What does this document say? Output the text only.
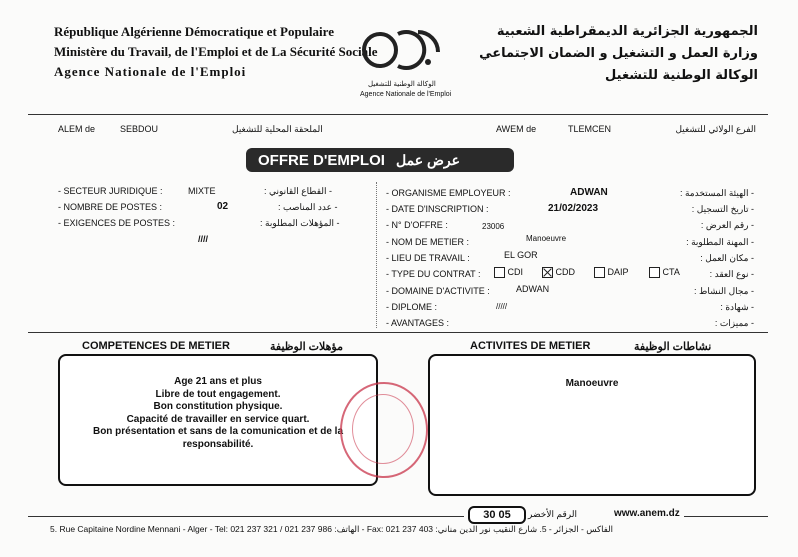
République Algérienne Démocratique et Populaire
Ministère du Travail, de l'Emploi et de La Sécurité Sociale
Agence Nationale de l'Emploi
الوكالة الوطنية للتشغيل
Agence Nationale de l'Emploi
الجمهورية الجزائرية الديمقراطية الشعبية
وزارة العمل و التشغيل و الضمان الاجتماعي
الوكالة الوطنية للتشغيل
ALEM de	SEBDOU	الملحقة المحلية للتشغيل	AWEM de	TLEMCEN	الفرع الولائي للتشغيل
OFFRE D'EMPLOI عرض عمل
- SECTEUR JURIDIQUE :	MIXTE	- القطاع القانوني :
- NOMBRE DE POSTES :	02	- عدد المناصب :
- EXIGENCES DE POSTES :	- المؤهلات المطلوبة :
////
- ORGANISME EMPLOYEUR :	ADWAN	- الهيئة المستخدمة :
- DATE D'INSCRIPTION :	21/02/2023	- تاريخ التسجيل :
- N° D'OFFRE :	23006	- رقم العرض :
- NOM DE METIER :	Manoeuvre	- المهنة المطلوبة :
- LIEU DE TRAVAIL :	EL GOR	- مكان العمل :
- TYPE DU CONTRAT :	CDI	CDD	DAIP	CTA	- نوع العقد :
- DOMAINE D'ACTIVITE :	ADWAN	- مجال النشاط :
- DIPLOME :	/////	- شهادة :
- AVANTAGES :	- مميزات :
COMPETENCES DE METIER	مؤهلات الوظيفة	ACTIVITES DE METIER	نشاطات الوظيفة
Age 21 ans et plus
Libre de tout engagement.
Bon constitution physique.
Capacité de travailler en service quart.
Bon présentation et sans de la comunication et de la
responsabilité.
Manoeuvre
30 05	الرقم الأخضر	www.anem.dz
5. Rue Capitaine Nordine Mennani - Alger - Tel: 021 237 321 / 021 237 986 :الهاتف - Fax: 021 237 403 :الفاكس - الجزائر - 5. شارع النقيب نور الدين مناني
